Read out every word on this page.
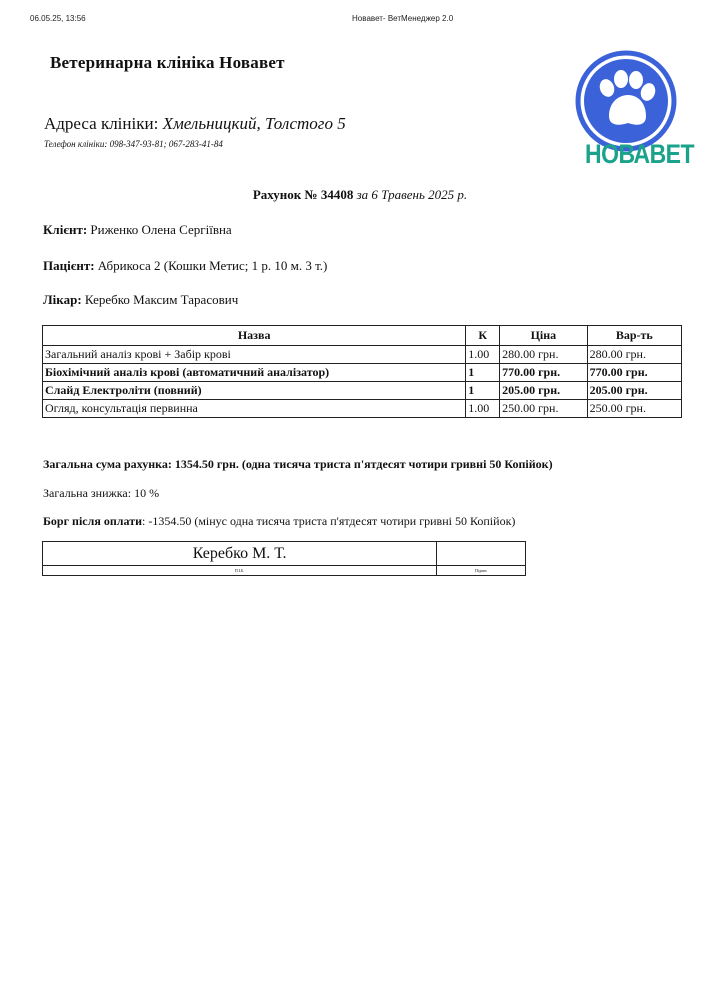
06.05.25, 13:56	Нoвaвет- ВетМенеджер 2.0
Ветеринарна клініка Новавет
Адреса клініки: Хмельницкий, Толстого 5
Телефон клініки: 098-347-93-81; 067-283-41-84	НОВАВЕТ
Рахунок № 34408 за 6 Травень 2025 р.
Клієнт: Риженко Олена Сергіївна
Пацієнт: Абрикоса 2 (Кошки Метис; 1 р. 10 м. 3 т.)
Лікар: Керебко Максим Тарасович
Назва	К	Ціна	Вар-ть
Загальний аналіз крові + Забір крові	1.00	280.00 грн.	280.00 грн.
Біохімічний аналіз крові (автоматичний аналізатор)	1	770.00 грн.	770.00 грн.
Слайд Електроліти (повний)	1	205.00 грн.	205.00 грн.
Огляд, консультація первинна	1.00	250.00 грн.	250.00 грн.
Загальна сума рахунка: 1354.50 грн. (одна тисяча триста п'ятдесят чотири гривні 50 Копійок)
Загальна знижка: 10 %
Борг після оплати: -1354.50 (мінус одна тисяча триста п'ятдесят чотири гривні 50 Копійок)
Керебко М. Т.	
П.І.Б.	Підпис
